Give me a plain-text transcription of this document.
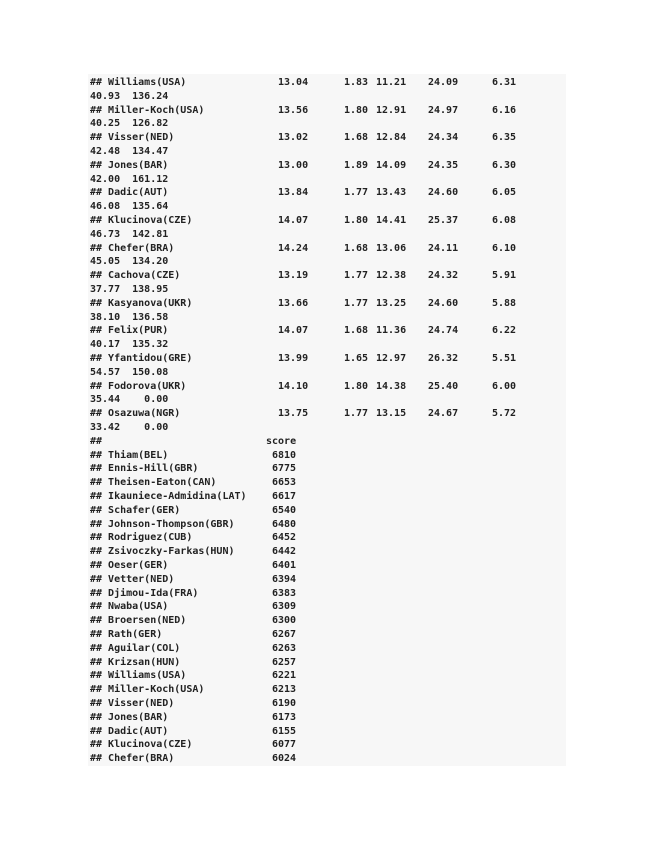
## Williams(USA)	13.04	1.83 11.21 24.09	6.31
40.93  136.24
## Miller-Koch(USA)	13.56	1.80 12.91 24.97	6.16
40.25  126.82
## Visser(NED)	13.02	1.68 12.84 24.34	6.35
42.48  134.47
## Jones(BAR)	13.00	1.89 14.09 24.35	6.30
42.00  161.12
## Dadic(AUT)	13.84	1.77 13.43 24.60	6.05
46.08  135.64
## Klucinova(CZE)	14.07	1.80 14.41 25.37	6.08
46.73  142.81
## Chefer(BRA)	14.24	1.68 13.06 24.11	6.10
45.05  134.20
## Cachova(CZE)	13.19	1.77 12.38 24.32	5.91
37.77  138.95
## Kasyanova(UKR)	13.66	1.77 13.25 24.60	5.88
38.10  136.58
## Felix(PUR)	14.07	1.68 11.36 24.74	6.22
40.17  135.32
## Yfantidou(GRE)	13.99	1.65 12.97 26.32	5.51
54.57  150.08
## Fodorova(UKR)	14.10	1.80 14.38 25.40	6.00
35.44    0.00
## Osazuwa(NGR)	13.75	1.77 13.15 24.67	5.72
33.42    0.00
##	score
## Thiam(BEL)	6810
## Ennis-Hill(GBR)	6775
## Theisen-Eaton(CAN)	6653
## Ikauniece-Admidina(LAT)	6617
## Schafer(GER)	6540
## Johnson-Thompson(GBR)	6480
## Rodriguez(CUB)	6452
## Zsivoczky-Farkas(HUN)	6442
## Oeser(GER)	6401
## Vetter(NED)	6394
## Djimou-Ida(FRA)	6383
## Nwaba(USA)	6309
## Broersen(NED)	6300
## Rath(GER)	6267
## Aguilar(COL)	6263
## Krizsan(HUN)	6257
## Williams(USA)	6221
## Miller-Koch(USA)	6213
## Visser(NED)	6190
## Jones(BAR)	6173
## Dadic(AUT)	6155
## Klucinova(CZE)	6077
## Chefer(BRA)	6024
